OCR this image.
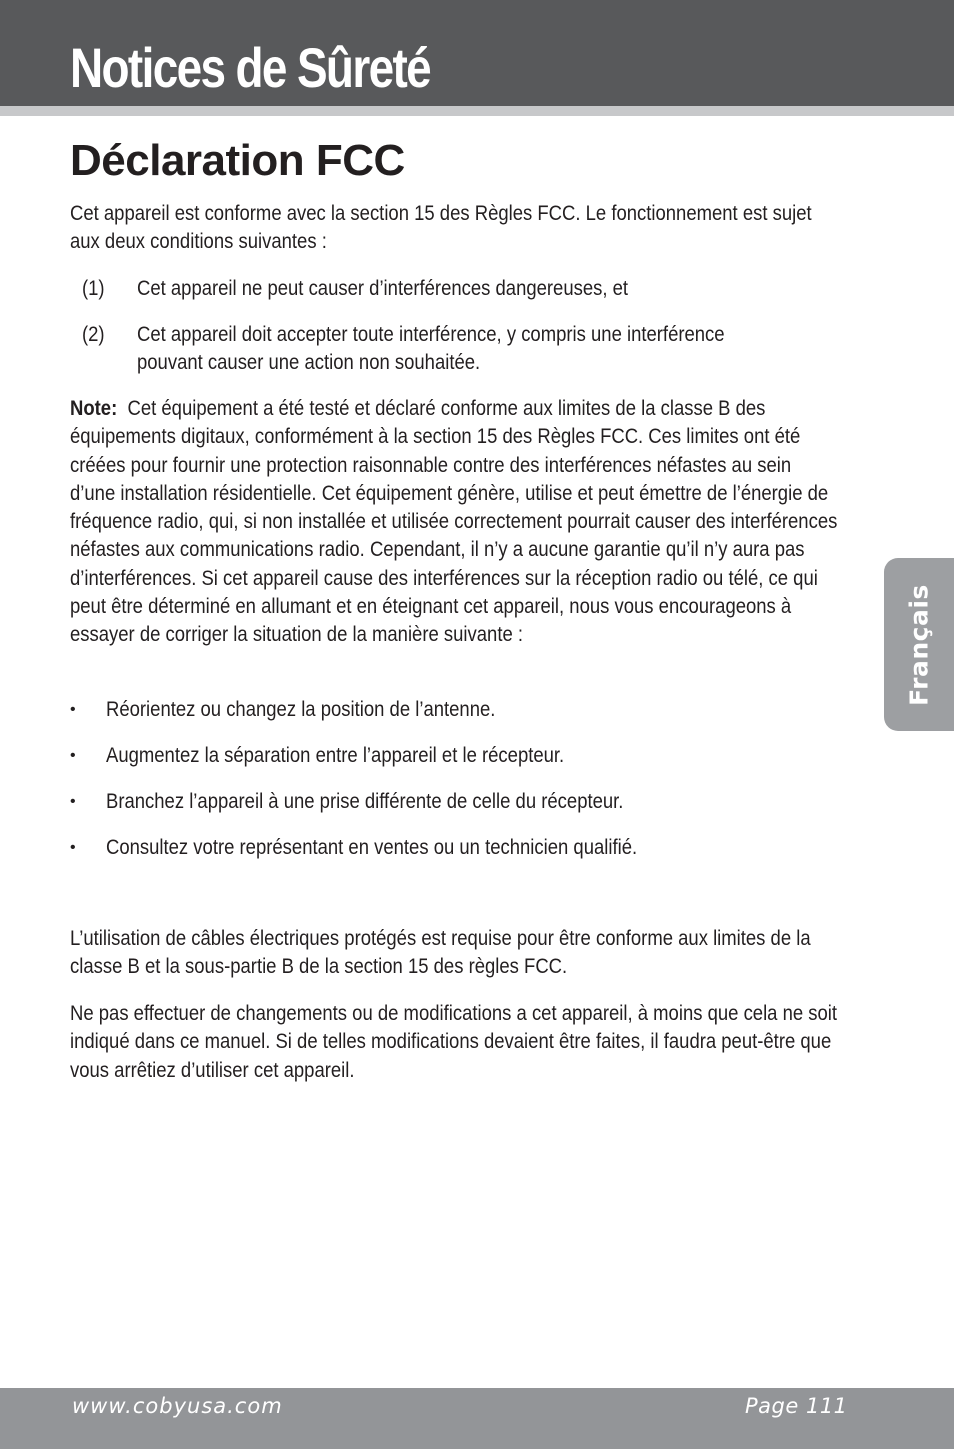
Notices de Sûreté
Déclaration FCC
Cet appareil est conforme avec la section 15 des Règles FCC. Le fonctionnement est sujet aux deux conditions suivantes :
(1) Cet appareil ne peut causer d’interférences dangereuses, et
(2) Cet appareil doit accepter toute interférence, y compris une interférence pouvant causer une action non souhaitée.
Note: Cet équipement a été testé et déclaré conforme aux limites de la classe B des équipements digitaux, conformément à la section 15 des Règles FCC. Ces limites ont été créées pour fournir une protection raisonnable contre des interférences néfastes au sein d’une installation résidentielle. Cet équipement génère, utilise et peut émettre de l’énergie de fréquence radio, qui, si non installée et utilisée correctement pourrait causer des interférences néfastes aux communications radio. Cependant, il n’y a aucune garantie qu’il n’y aura pas d’interférences. Si cet appareil cause des interférences sur la réception radio ou télé, ce qui peut être déterminé en allumant et en éteignant cet appareil, nous vous encourageons à essayer de corriger la situation de la manière suivante :
• Réorientez ou changez la position de l’antenne.
• Augmentez la séparation entre l’appareil et le récepteur.
• Branchez l’appareil à une prise différente de celle du récepteur.
• Consultez votre représentant en ventes ou un technicien qualifié.
L’utilisation de câbles électriques protégés est requise pour être conforme aux limites de la classe B et la sous-partie B de la section 15 des règles FCC.
Ne pas effectuer de changements ou de modifications a cet appareil, à moins que cela ne soit indiqué dans ce manuel. Si de telles modifications devaient être faites, il faudra peut-être que vous arrêtiez d’utiliser cet appareil.
Français
www.cobyusa.com	Page 111
